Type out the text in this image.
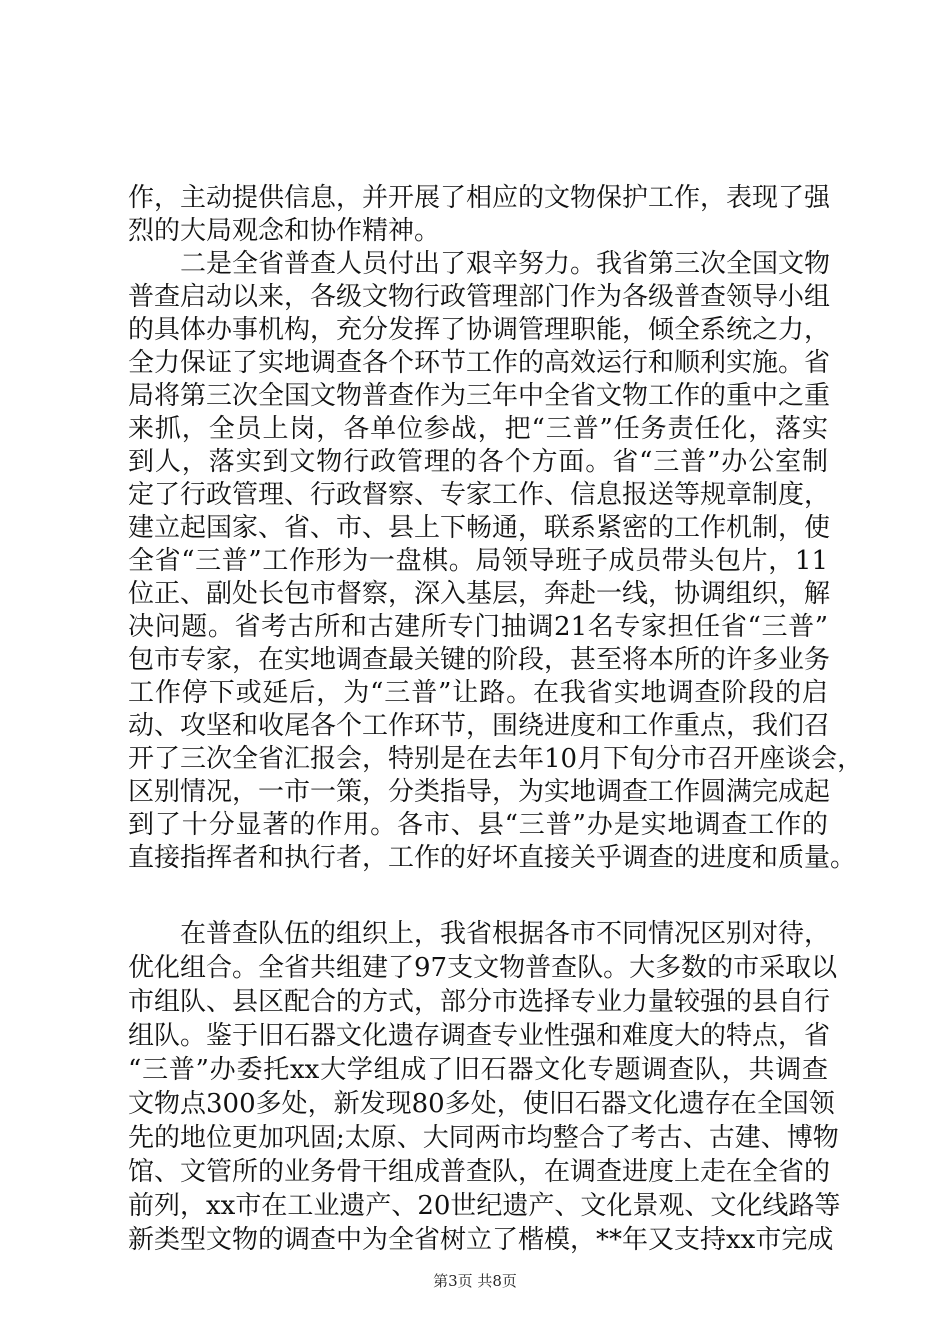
作，主动提供信息，并开展了相应的文物保护工作，表现了强
烈的大局观念和协作精神。
　　二是全省普查人员付出了艰辛努力。我省第三次全国文物
普查启动以来，各级文物行政管理部门作为各级普查领导小组
的具体办事机构，充分发挥了协调管理职能，倾全系统之力，
全力保证了实地调查各个环节工作的高效运行和顺利实施。省
局将第三次全国文物普查作为三年中全省文物工作的重中之重
来抓，全员上岗，各单位参战，把“三普”任务责任化，落实
到人，落实到文物行政管理的各个方面。省“三普”办公室制
定了行政管理、行政督察、专家工作、信息报送等规章制度，
建立起国家、省、市、县上下畅通，联系紧密的工作机制，使
全省“三普”工作形为一盘棋。局领导班子成员带头包片，11
位正、副处长包市督察，深入基层，奔赴一线，协调组织，解
决问题。省考古所和古建所专门抽调21名专家担任省“三普”
包市专家，在实地调查最关键的阶段，甚至将本所的许多业务
工作停下或延后，为“三普”让路。在我省实地调查阶段的启
动、攻坚和收尾各个工作环节，围绕进度和工作重点，我们召
开了三次全省汇报会，特别是在去年10月下旬分市召开座谈会，
区别情况，一市一策，分类指导，为实地调查工作圆满完成起
到了十分显著的作用。各市、县“三普”办是实地调查工作的
直接指挥者和执行者，工作的好坏直接关乎调查的进度和质量。
　　在普查队伍的组织上，我省根据各市不同情况区别对待，
优化组合。全省共组建了97支文物普查队。大多数的市采取以
市组队、县区配合的方式，部分市选择专业力量较强的县自行
组队。鉴于旧石器文化遗存调查专业性强和难度大的特点，省
“三普”办委托xx大学组成了旧石器文化专题调查队，共调查
文物点300多处，新发现80多处，使旧石器文化遗存在全国领
先的地位更加巩固;太原、大同两市均整合了考古、古建、博物
馆、文管所的业务骨干组成普查队，在调查进度上走在全省的
前列，xx市在工业遗产、20世纪遗产、文化景观、文化线路等
新类型文物的调查中为全省树立了楷模，**年又支持xx市完成
第3页 共8页
